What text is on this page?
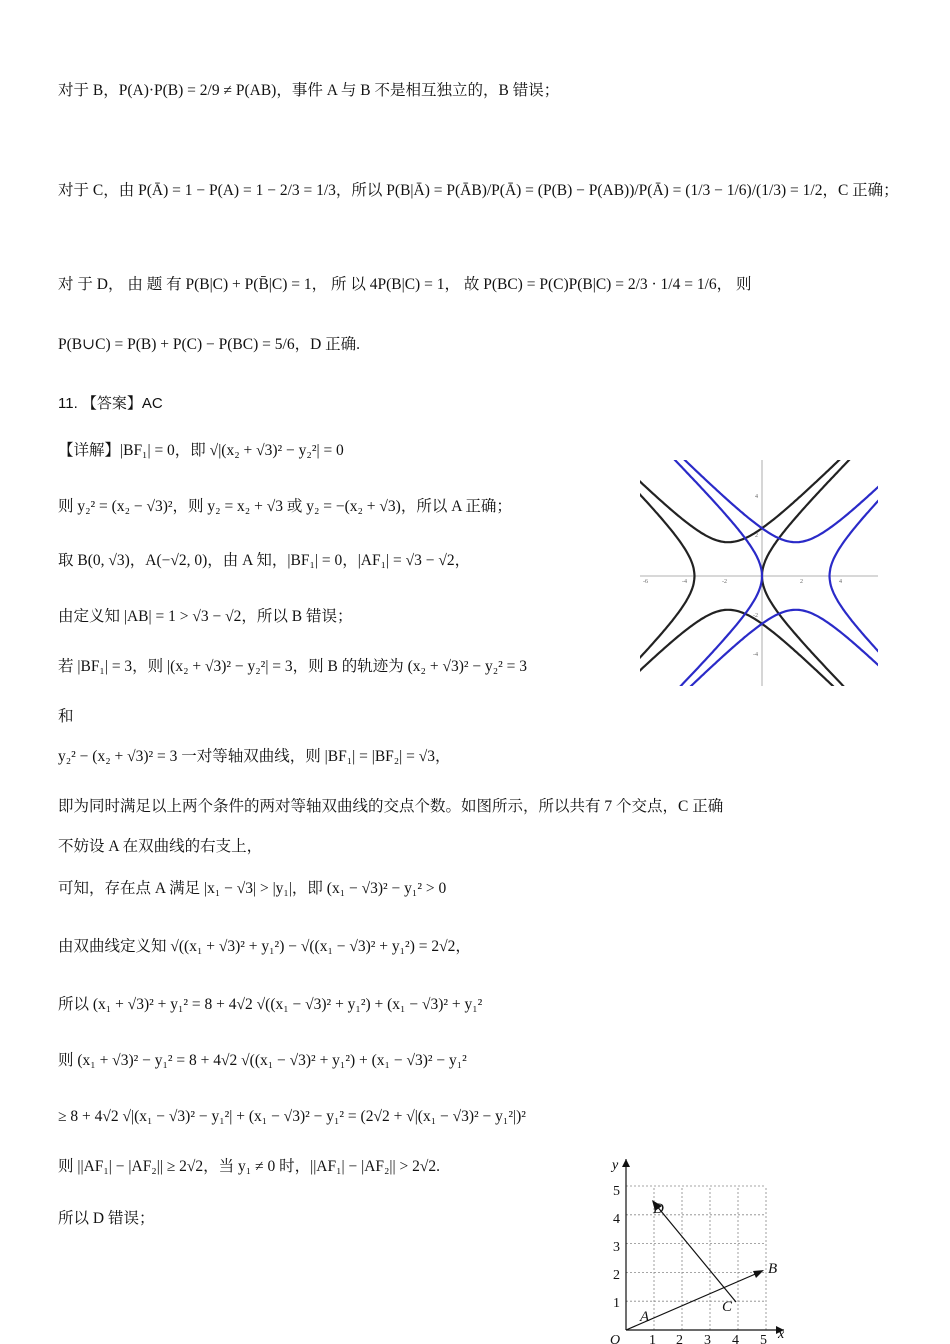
对于 B，P(A)·P(B) = 2/9 ≠ P(AB)，事件 A 与 B 不是相互独立的，B 错误；
对于 C，由 P(Ā) = 1 − P(A) = 1 − 2/3 = 1/3，所以 P(B|Ā) = P(ĀB)/P(Ā) = (P(B) − P(AB))/P(Ā) = (1/3 − 1/6)/(1/3) = 1/2，C 正确；
对 于 D， 由 题 有 P(B|C) + P(B̄|C) = 1， 所 以 4P(B|C) = 1， 故 P(BC) = P(C)P(B|C) = 2/3 · 1/4 = 1/6， 则
P(B∪C) = P(B) + P(C) − P(BC) = 5/6，D 正确.
11. 【答案】AC
【详解】|BF₁| = 0，即 √|(x₂ + √3)² − y₂²| = 0
则 y₂² = (x₂ − √3)²，则 y₂ = x₂ + √3 或 y₂ = −(x₂ + √3)，所以 A 正确；
取 B(0, √3)，A(−√2, 0)，由 A 知，|BF₁| = 0，|AF₁| = √3 − √2，
由定义知 |AB| = 1 > √3 − √2，所以 B 错误；
若 |BF₁| = 3，则 |(x₂ + √3)² − y₂²| = 3，则 B 的轨迹为 (x₂ + √3)² − y₂² = 3
和
y₂² − (x₂ + √3)² = 3 一对等轴双曲线，则 |BF₁| = |BF₂| = √3，
即为同时满足以上两个条件的两对等轴双曲线的交点个数。如图所示，所以共有 7 个交点，C 正确
不妨设 A 在双曲线的右支上，
可知，存在点 A 满足 |x₁ − √3| > |y₁|，即 (x₁ − √3)² − y₁² > 0
由双曲线定义知 √((x₁ + √3)² + y₁²) − √((x₁ − √3)² + y₁²) = 2√2，
所以 (x₁ + √3)² + y₁² = 8 + 4√2 √((x₁ − √3)² + y₁²) + (x₁ − √3)² + y₁²
则 (x₁ + √3)² − y₁² = 8 + 4√2 √((x₁ − √3)² + y₁²) + (x₁ − √3)² − y₁²
≥ 8 + 4√2 √|(x₁ − √3)² − y₁²| + (x₁ − √3)² − y₁² = (2√2 + √|(x₁ − √3)² − y₁²|)²
则 ||AF₁| − |AF₂|| ≥ 2√2，当 y₁ ≠ 0 时，||AF₁| − |AF₂|| > 2√2.
所以 D 错误；
-6	-4	-2	2	4
4
2
-2
-4
x
y
O 1 2 3 4 5
1
2
3
4
5
A
B
C
D
